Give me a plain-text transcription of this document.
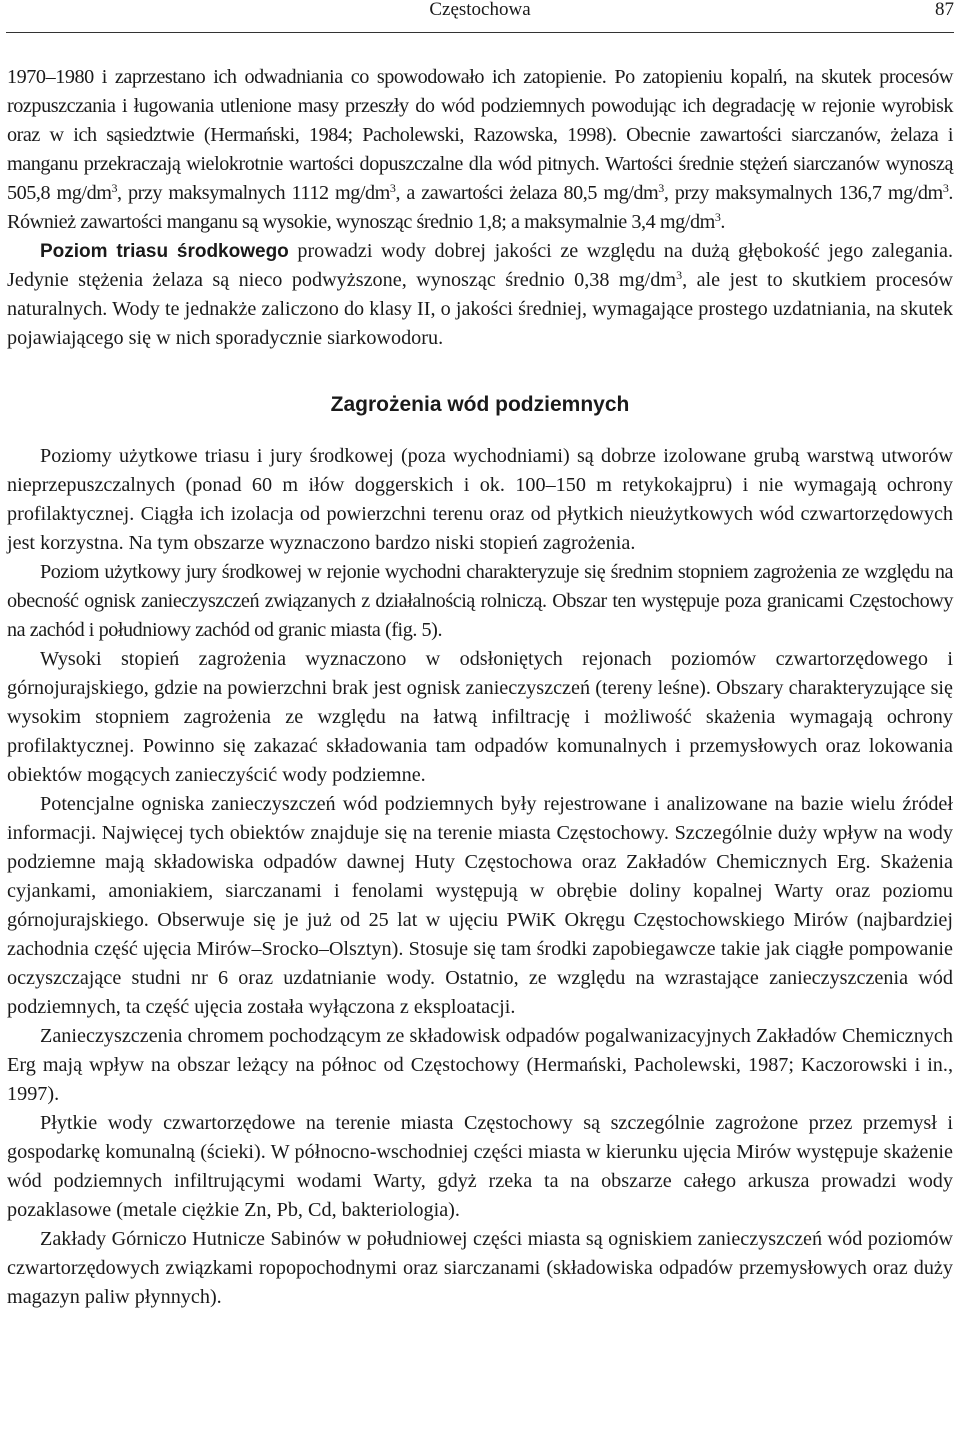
Częstochowa	87

1970–1980 i zaprzestano ich odwadniania co spowodowało ich zatopienie. Po zatopieniu kopalń, na skutek procesów rozpuszczania i ługowania utlenione masy przeszły do wód podziemnych powodując ich degradację w rejonie wyrobisk oraz w ich sąsiedztwie (Hermański, 1984; Pacholewski, Razowska, 1998). Obecnie zawartości siarczanów, żelaza i manganu przekraczają wielokrotnie wartości dopuszczalne dla wód pitnych. Wartości średnie stężeń siarczanów wynoszą 505,8 $mg/dm^3$, przy maksymalnych 1112 $mg/dm^3$, a zawartości żelaza 80,5 $mg/dm^3$, przy maksymalnych 136,7 $mg/dm^3$. Również zawartości manganu są wysokie, wynosząc średnio 1,8; a maksymalnie 3,4 $mg/dm^3$.

Poziom triasu środkowego prowadzi wody dobrej jakości ze względu na dużą głębokość jego zalegania. Jedynie stężenia żelaza są nieco podwyższone, wynosząc średnio 0,38 $mg/dm^3$, ale jest to skutkiem procesów naturalnych. Wody te jednakże zaliczono do klasy II, o jakości średniej, wymagające prostego uzdatniania, na skutek pojawiającego się w nich sporadycznie siarkowodoru.

Zagrożenia wód podziemnych

Poziomy użytkowe triasu i jury środkowej (poza wychodniami) są dobrze izolowane grubą warstwą utworów nieprzepuszczalnych (ponad 60 m iłów doggerskich i ok. 100–150 m retykokajpru) i nie wymagają ochrony profilaktycznej. Ciągła ich izolacja od powierzchni terenu oraz od płytkich nieużytkowych wód czwartorzędowych jest korzystna. Na tym obszarze wyznaczono bardzo niski stopień zagrożenia.

Poziom użytkowy jury środkowej w rejonie wychodni charakteryzuje się średnim stopniem zagrożenia ze względu na obecność ognisk zanieczyszczeń związanych z działalnością rolniczą. Obszar ten występuje poza granicami Częstochowy na zachód i południowy zachód od granic miasta (fig. 5).

Wysoki stopień zagrożenia wyznaczono w odsłoniętych rejonach poziomów czwartorzędowego i górnojurajskiego, gdzie na powierzchni brak jest ognisk zanieczyszczeń (tereny leśne). Obszary charakteryzujące się wysokim stopniem zagrożenia ze względu na łatwą infiltrację i możliwość skażenia wymagają ochrony profilaktycznej. Powinno się zakazać składowania tam odpadów komunalnych i przemysłowych oraz lokowania obiektów mogących zanieczyścić wody podziemne.

Potencjalne ogniska zanieczyszczeń wód podziemnych były rejestrowane i analizowane na bazie wielu źródeł informacji. Najwięcej tych obiektów znajduje się na terenie miasta Częstochowy. Szczególnie duży wpływ na wody podziemne mają składowiska odpadów dawnej Huty Częstochowa oraz Zakładów Chemicznych Erg. Skażenia cyjankami, amoniakiem, siarczanami i fenolami występują w obrębie doliny kopalnej Warty oraz poziomu górnojurajskiego. Obserwuje się je już od 25 lat w ujęciu PWiK Okręgu Częstochowskiego Mirów (najbardziej zachodnia część ujęcia Mirów–Srocko–Olsztyn). Stosuje się tam środki zapobiegawcze takie jak ciągłe pompowanie oczyszczające studni nr 6 oraz uzdatnianie wody. Ostatnio, ze względu na wzrastające zanieczyszczenia wód podziemnych, ta część ujęcia została wyłączona z eksploatacji.

Zanieczyszczenia chromem pochodzącym ze składowisk odpadów pogalwanizacyjnych Zakładów Chemicznych Erg mają wpływ na obszar leżący na północ od Częstochowy (Hermański, Pacholewski, 1987; Kaczorowski i in., 1997).

Płytkie wody czwartorzędowe na terenie miasta Częstochowy są szczególnie zagrożone przez przemysł i gospodarkę komunalną (ścieki). W północno-wschodniej części miasta w kierunku ujęcia Mirów występuje skażenie wód podziemnych infiltrującymi wodami Warty, gdyż rzeka ta na obszarze całego arkusza prowadzi wody pozaklasowe (metale ciężkie Zn, Pb, Cd, bakteriologia).

Zakłady Górniczo Hutnicze Sabinów w południowej części miasta są ogniskiem zanieczyszczeń wód poziomów czwartorzędowych związkami ropopochodnymi oraz siarczanami (składowiska odpadów przemysłowych oraz duży magazyn paliw płynnych).
